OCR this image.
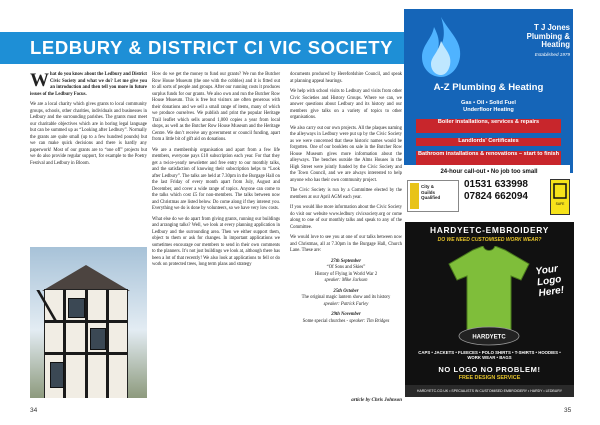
LEDBURY & DISTRICT CI VIC SOCIETY

What do you know about the Ledbury and District Civic Society and what we do? Let me give you an introduction and then tell you more in future issues of the Ledbury Focus.

We are a local charity which gives grants to local community groups, schools, other charities, individuals and businesses in Ledbury and the surrounding parishes. The grants must meet our charitable objectives which are in boring legal language but can be summed up as “Looking after Ledbury”. Normally the grants are quite small (up to a few hundred pounds) but we can make quick decisions and there is hardly any paperwork! Most of our grants are to “one off” projects but we do also provide regular support, for example to the Poetry Festival and Ledbury in Bloom.

How do we get the money to fund our grants? We run the Butcher Row House Museum (the one with the cobbles) and it is fitted out to all sorts of people and groups. After our running costs it produces surplus funds for our grants. We also own and run the Butcher Row House Museum. This is free but visitors are often generous with their donations and we sell a small range of items, many of which we produce ourselves. We publish and print the popular Heritage Trail leaflet which sells around 1,000 copies a year from local shops, as well as the Butcher Row House Museum and the Heritage Centre. We don’t receive any government or council funding, apart from a little bit of gift aid on donations.

We are a membership organisation and apart from a few life members, everyone pays £10 subscription each year. For that they get a twice-yearly newsletter and free entry to our monthly talks, and the satisfaction of knowing their subscription helps to “Look after Ledbury”. The talks are held at 7.30pm in the Burgage Hall on the last Friday of every month apart from July, August and December, and cover a wide range of topics. Anyone can come to the talks which cost £5 for non-members. The talks between now and Christmas are listed below. Do come along if they interest you. Everything we do is done by volunteers, so we have very low costs.

What else do we do apart from giving grants, running our buildings and arranging talks? Well, we look at every planning application in Ledbury and the surrounding area. Then we either support them, object to them or ask for changes. In important applications we sometimes encourage our members to send in their own comments to the planners. It’s not just buildings we look at, although there has been a lot of that recently! We also look at applications to fell or do work on protected trees, long term plans and strategy

documents produced by Herefordshire Council, and speak at planning appeal hearings.

We help with school visits to Ledbury and visits from other Civic Societies and History Groups. Where we can, we answer questions about Ledbury and its history and our members give talks on a variety of topics to other organisations.

We also carry out our own projects. All the plaques naming the alleyways in Ledbury were put up by the Civic Society as we were concerned that these historic names would be forgotten. One of our booklets on sale in the Butcher Row House Museum gives more information about the alleyways. The benches outside the Alms Houses in the High Street were jointly funded by the Civic Society and the Town Council, and we are always interested to help anyone who has their own community project.

The Civic Society is run by a Committee elected by the members at our April AGM each year.

If you would like more information about the Civic Society do visit our website www.ledbury civicsociety.org or come along to one of our monthly talks and speak to any of the Committee.

We would love to see you at one of our talks between now and Christmas, all at 7.30pm in the Burgage Hall, Church Lane. These are:

27th September
“Of Sons and Skies”
History of Flying in World War 2
speaker: Mike Jackson
25th October
The original magic lantern show and its history
speaker: Patrick Furley
29th November
Some special churches - speaker: Tim Bridges
article by Chris Johnson
34	35
T J Jones Plumbing & Heating
Established 1979
A-Z Plumbing & Heating
Gas • Oil • Solid Fuel
Underfloor Heating
Boiler installations, services & repairs
Landlords' Certificates
Bathroom installations & renovations – start to finish
24-hour call-out • No job too small
City &
Guilds
Qualified
01531 633998
07824 662094
SAFE
HARDYETC-EMBROIDERY
DO WE NEED CUSTOMISED WORK WEAR?
HARDYETC
Your Logo Here!
CAPS • JACKETS • FLEECES • POLO SHIRTS • T-SHIRTS • HOODIES • WORK WEAR • BAGS
NO LOGO NO PROBLEM!
FREE DESIGN SERVICE
HARDYETC.CO.UK • SPECIALISTS IN CUSTOMISED EMBROIDERY • HARDY • LEDBURY
